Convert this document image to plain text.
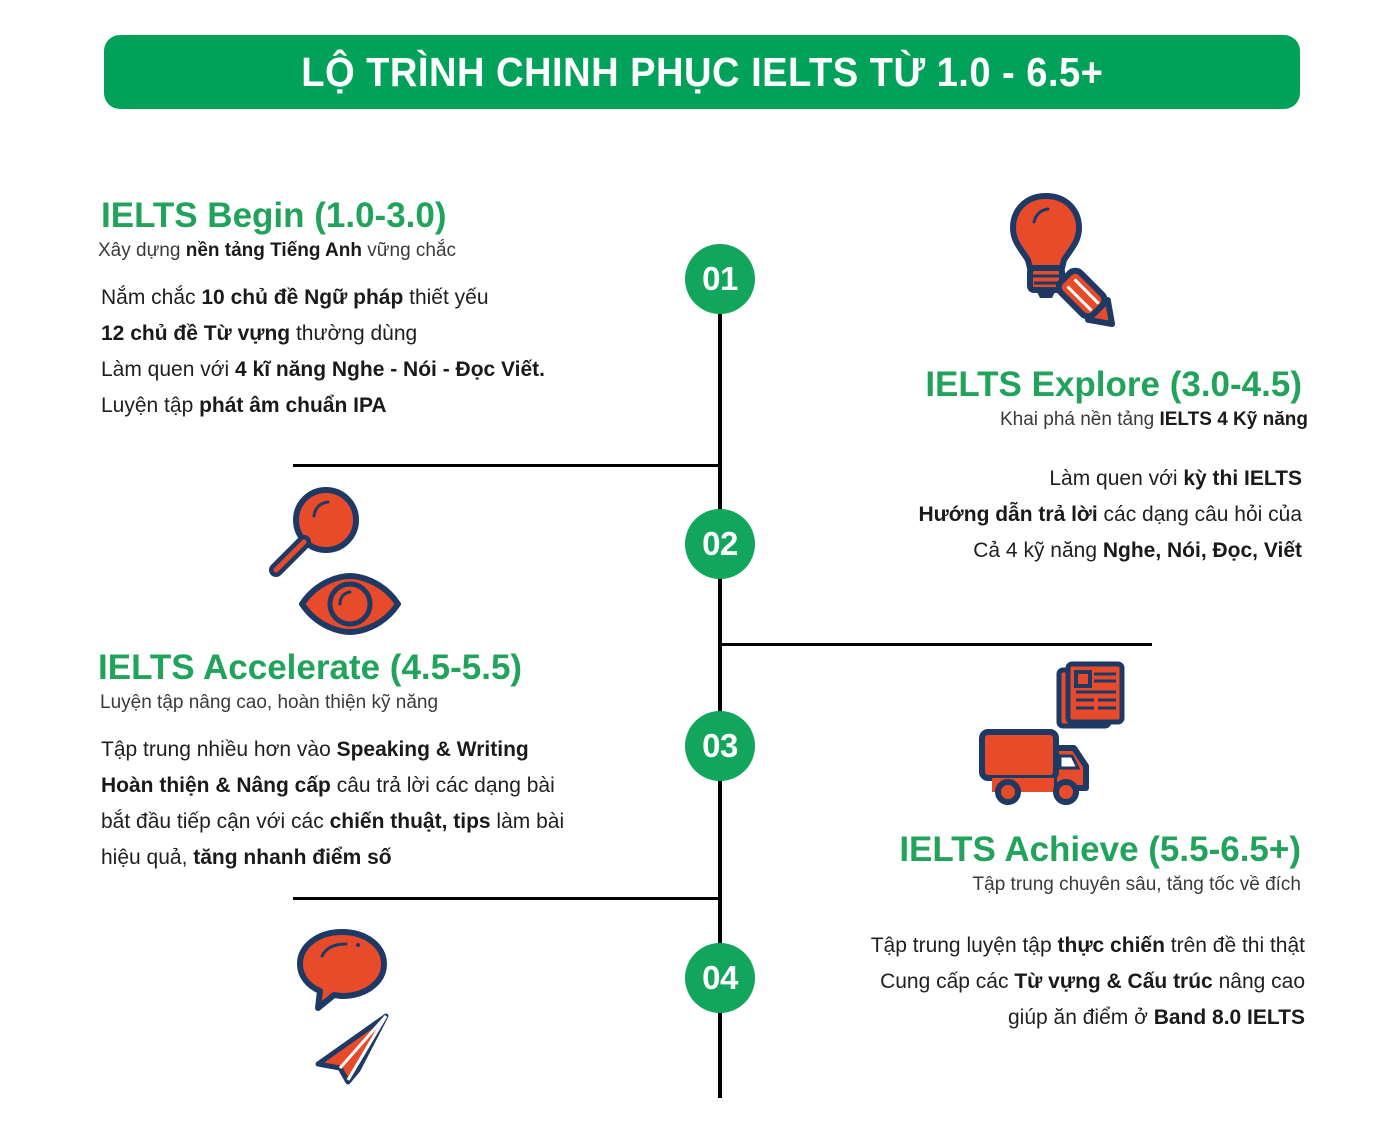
LỘ TRÌNH CHINH PHỤC IELTS TỪ 1.0 - 6.5+
01
02
03
04
IELTS Begin (1.0-3.0)
Xây dựng nền tảng Tiếng Anh vững chắc
Nắm chắc 10 chủ đề Ngữ pháp thiết yếu
12 chủ đề Từ vựng thường dùng
Làm quen với 4 kĩ năng Nghe - Nói - Đọc Viết.
Luyện tập phát âm chuẩn IPA
IELTS Explore (3.0-4.5)
Khai phá nền tảng IELTS 4 Kỹ năng
Làm quen với kỳ thi IELTS
Hướng dẫn trả lời các dạng câu hỏi của
Cả 4 kỹ năng Nghe, Nói, Đọc, Viết
IELTS Accelerate (4.5-5.5)
Luyện tập nâng cao, hoàn thiện kỹ năng
Tập trung nhiều hơn vào Speaking & Writing
Hoàn thiện & Nâng cấp câu trả lời các dạng bài
bắt đầu tiếp cận với các chiến thuật, tips làm bài
hiệu quả, tăng nhanh điểm số	IELTS Achieve (5.5-6.5+)
Tập trung chuyên sâu, tăng tốc về đích
Tập trung luyện tập thực chiến trên đề thi thật
Cung cấp các Từ vựng & Cấu trúc nâng cao
giúp ăn điểm ở Band 8.0 IELTS
